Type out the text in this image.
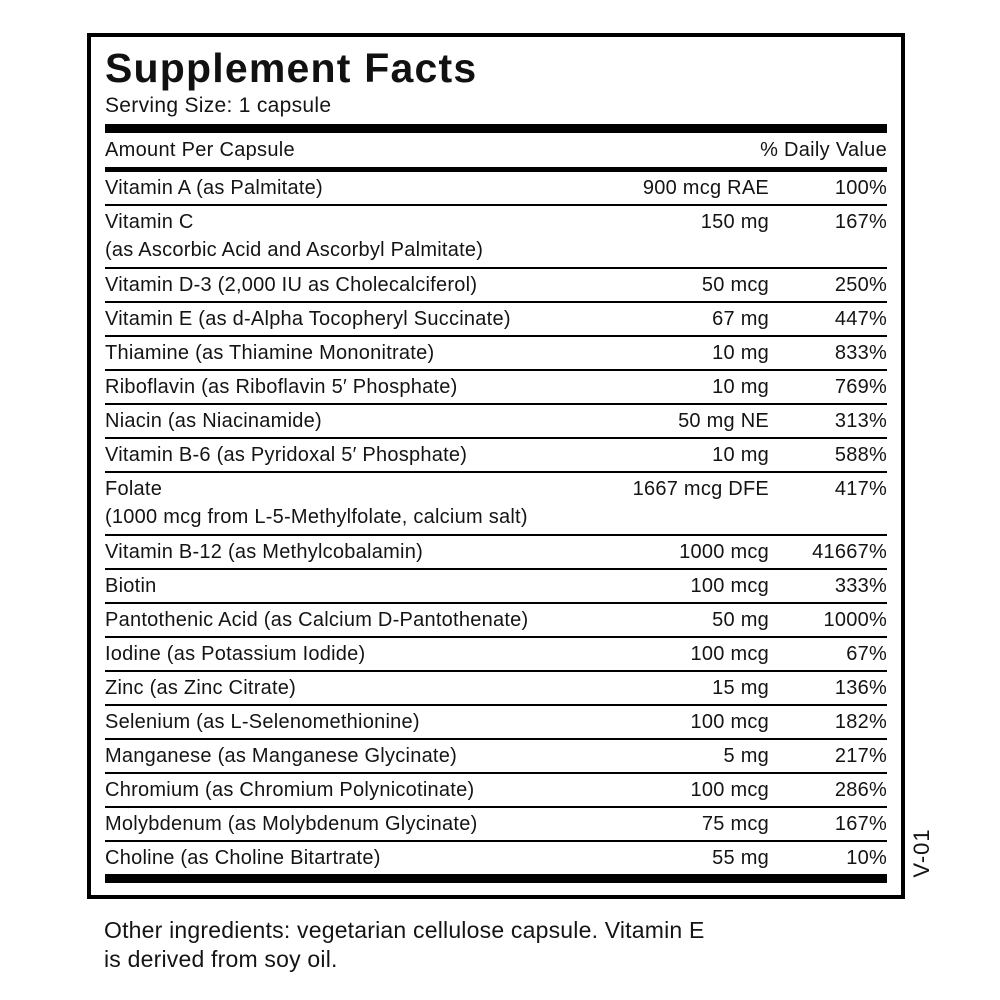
Supplement Facts
Serving Size: 1 capsule
Amount Per Capsule	% Daily Value
Vitamin A (as Palmitate)	900 mcg RAE	100%
Vitamin C	150 mg	167%
(as Ascorbic Acid and Ascorbyl Palmitate)
Vitamin D-3 (2,000 IU as Cholecalciferol)	50 mcg	250%
Vitamin E (as d-Alpha Tocopheryl Succinate)	67 mg	447%
Thiamine (as Thiamine Mononitrate)	10 mg	833%
Riboflavin (as Riboflavin 5′ Phosphate)	10 mg	769%
Niacin (as Niacinamide)	50 mg NE	313%
Vitamin B-6 (as Pyridoxal 5′ Phosphate)	10 mg	588%
Folate	1667 mcg DFE	417%
(1000 mcg from L-5-Methylfolate, calcium salt)
Vitamin B-12 (as Methylcobalamin)	1000 mcg	41667%
Biotin	100 mcg	333%
Pantothenic Acid (as Calcium D-Pantothenate)	50 mg	1000%
Iodine (as Potassium Iodide)	100 mcg	67%
Zinc (as Zinc Citrate)	15 mg	136%
Selenium (as L-Selenomethionine)	100 mcg	182%
Manganese (as Manganese Glycinate)	5 mg	217%
Chromium (as Chromium Polynicotinate)	100 mcg	286%
Molybdenum (as Molybdenum Glycinate)	75 mcg	167%
Choline (as Choline Bitartrate)	55 mg	10%
Other ingredients: vegetarian cellulose capsule. Vitamin E
is derived from soy oil.
V-01
